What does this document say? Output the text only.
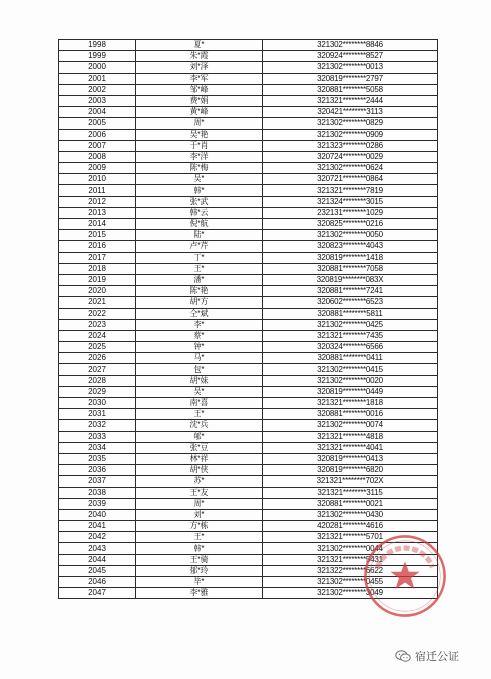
1998	夏*	321302********8846
1999	朱*霞	320924********8527
2000	刘*泽	321302********0013
2001	李*军	320819********2797
2002	邹*峰	320881********5058
2003	费*娟	321321********2444
2004	黄*峰	320421********3113
2005	周*	321302********0829
2006	吴*艳	321302********0909
2007	于*肖	321323********0286
2008	李*洋	320724********0029
2009	陈*梅	321302********0624
2010	吴*	320721********0864
2011	韩*	321321********7819
2012	张*武	321324********3015
2013	韩*云	232131********1029
2014	倪*航	320825********0216
2015	陆*	321302********0050
2016	卢*芹	320823********4043
2017	丁*	320819********1418
2018	王*	320881********7058
2019	潘*	320819********083X
2020	陈*艳	320881********7241
2021	胡*方	320602********6523
2022	仝*斌	320881********5811
2023	李*	321302********0425
2024	蔡*	321321********7435
2025	钟*	320324********6566
2026	马*	320881********0411
2027	包*	321302********0415
2028	胡*妹	321302********0020
2029	吴*	320819********0449
2030	南*喜	321321********1818
2031	王*	320881********0016
2032	沈*兵	321302********0074
2033	郇*	321321********4818
2034	张*豆	321321********4041
2035	林*祥	320819********0413
2036	胡*侠	320819********6820
2037	苏*	321321********702X
2038	王*友	321321********3115
2039	周*	320881********0021
2040	刘*	321302********0430
2041	方*栋	420281********4616
2042	王*	321321********5701
2043	韩*	321302********0044
2044	王*骑	321321********5431
2045	郁*玲	321322********6622
2046	毕*	321302********0455
2047	李*雅	321302********3049
宿迁公证
